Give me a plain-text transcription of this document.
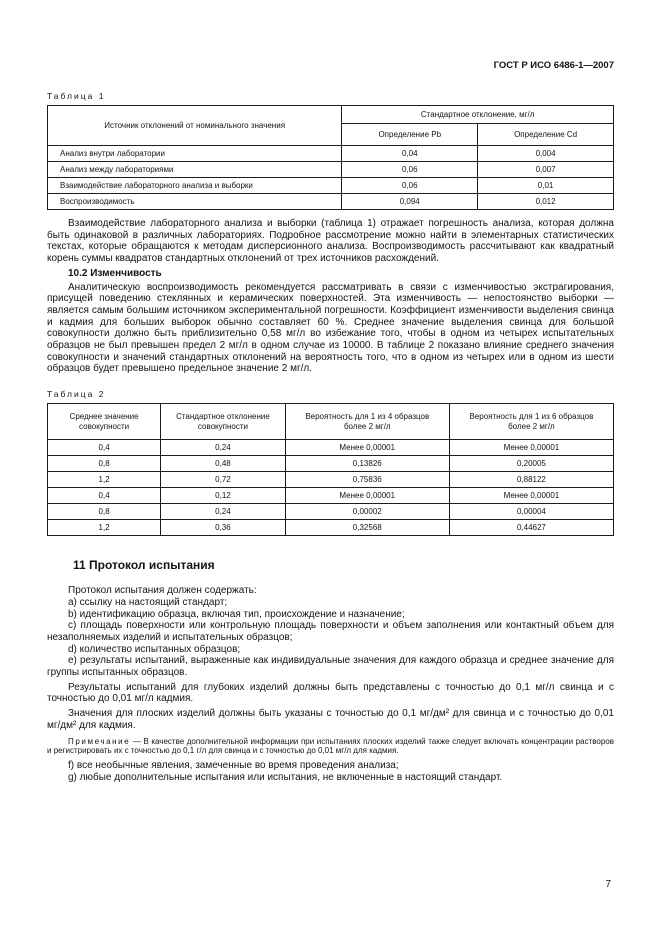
ГОСТ Р ИСО 6486-1—2007
Таблица 1
Источник отклонений от номинального значения	Стандартное отклонение, мг/л	
	Определение Pb	Определение Cd
Анализ внутри лаборатории	0,04	0,004
Анализ между лабораториями	0,06	0,007
Взаимодействие лабораторного анализа и выборки	0,06	0,01
Воспроизводимость	0,094	0,012

Взаимодействие лабораторного анализа и выборки (таблица 1) отражает погрешность анализа, которая должна быть одинаковой в различных лабораториях. Подробное рассмотрение можно найти в элементарных статистических текстах, которые обращаются к методам дисперсионного анализа. Воспроизводимость рассчитывают как квадратный корень суммы квадратов стандартных отклонений от трех источников расхождений.

10.2 Изменчивость

Аналитическую воспроизводимость рекомендуется рассматривать в связи с изменчивостью экстрагирования, присущей поведению стеклянных и керамических поверхностей. Эта изменчивость — непостоянство выборки — является самым большим источником экспериментальной погрешности. Коэффициент изменчивости выделения свинца и кадмия для больших выборок обычно составляет 60 %. Среднее значение выделения свинца для большой совокупности должно быть приблизительно 0,58 мг/л во избежание того, чтобы в одном из четырех испытательных образцов не был превышен предел 2 мг/л в одном случае из 10000. В таблице 2 показано влияние среднего значения совокупности и значений стандартных отклонений на вероятность того, что в одном из четырех или в одном из шести образцов будет превышено предельное значение 2 мг/л.

Таблица 2
Среднее значение совокупности	Стандартное отклонение совокупности	Вероятность для 1 из 4 образцов более 2 мг/л	Вероятность для 1 из 6 образцов более 2 мг/л
0,4	0,24	Менее 0,00001	Менее 0,00001
0,8	0,48	0,13826	0,20005
1,2	0,72	0,75836	0,88122
0,4	0,12	Менее 0,00001	Менее 0,00001
0,8	0,24	0,00002	0,00004
1,2	0,36	0,32568	0,44627
11 Протокол испытания

Протокол испытания должен содержать:

a) ссылку на настоящий стандарт;

b) идентификацию образца, включая тип, происхождение и назначение;

c) площадь поверхности или контрольную площадь поверхности и объем заполнения или контактный объем для незаполняемых изделий и испытательных образцов;

d) количество испытанных образцов;

e) результаты испытаний, выраженные как индивидуальные значения для каждого образца и среднее значение для группы испытанных образцов.

Результаты испытаний для глубоких изделий должны быть представлены с точностью до 0,1 мг/л свинца и с точностью до 0,01 мг/л кадмия.

Значения для плоских изделий должны быть указаны с точностью до 0,1 мг/дм² для свинца и с точностью до 0,01 мг/дм² для кадмия.

Примечание — В качестве дополнительной информации при испытаниях плоских изделий также следует включать концентрации растворов и регистрировать их с точностью до 0,1 г/л для свинца и с точностью до 0,01 мг/л для кадмия.

f) все необычные явления, замеченные во время проведения анализа;

g) любые дополнительные испытания или испытания, не включенные в настоящий стандарт.

7
